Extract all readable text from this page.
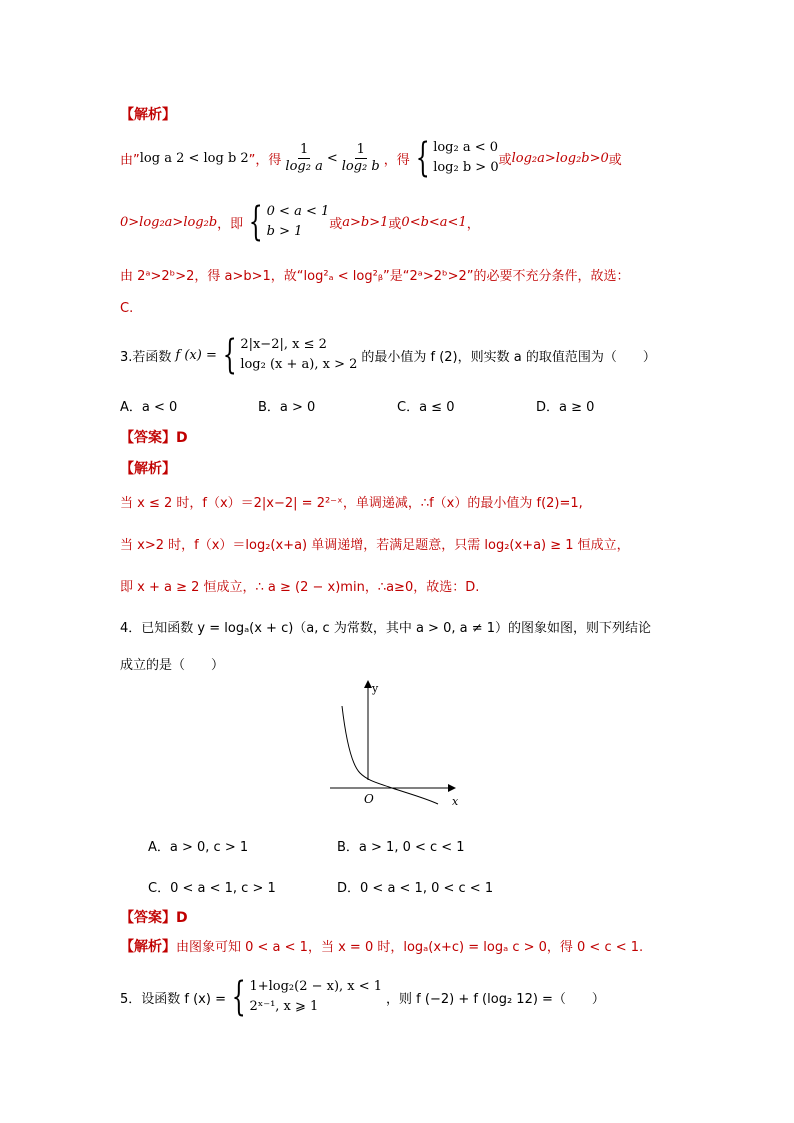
【解析】
由” log a 2 < log b 2 ”，得 $\frac{1}{\text{log₂ a}} < \frac{1}{\text{log₂ b}}$ ，得 { log₂ a < 0
log₂ b > 0 或 log₂a>log₂b>0 或
0>log₂a>log₂b ，即 { 0 < a < 1
b > 1	或 a>b>1 或 0<b<a<1 ，
由 2ᵃ>2ᵇ>2，得 a>b>1，故“log²ₐ < log²ᵦ”是“2ᵃ>2ᵇ>2”的必要不充分条件，故选：
C.
3.若函数 f (x) = { 2|x−2|, x ≤ 2
log₂ (x + a), x > 2 的最小值为 f (2)，则实数 a 的取值范围为（　　）
A．a < 0	B．a > 0	C．a ≤ 0	D．a ≥ 0
【答案】D
【解析】
当 x ≤ 2 时，f（x）＝2|x−2| = 2²⁻ˣ，单调递减，∴f（x）的最小值为 f(2)=1,
当 x>2 时，f（x）＝log₂(x+a) 单调递增，若满足题意，只需 log₂(x+a) ≥ 1 恒成立，
即 x + a ≥ 2 恒成立，∴ a ≥ (2 − x)min，∴a≥0，故选：D.
4．已知函数 y = logₐ(x + c)（a, c 为常数，其中 a > 0, a ≠ 1）的图象如图，则下列结论
成立的是（　　）
y
x
O
A．a > 0, c > 1	B．a > 1, 0 < c < 1
C．0 < a < 1, c > 1	D．0 < a < 1, 0 < c < 1
【答案】D
【解析】由图象可知 0 < a < 1，当 x = 0 时，logₐ(x+c) = logₐ c > 0，得 0 < c < 1.
5．设函数 f (x) = { 1+log₂(2 − x), x < 1
2ˣ⁻¹, x ⩾ 1	，则 f (−2) + f (log₂ 12) =（　　）
